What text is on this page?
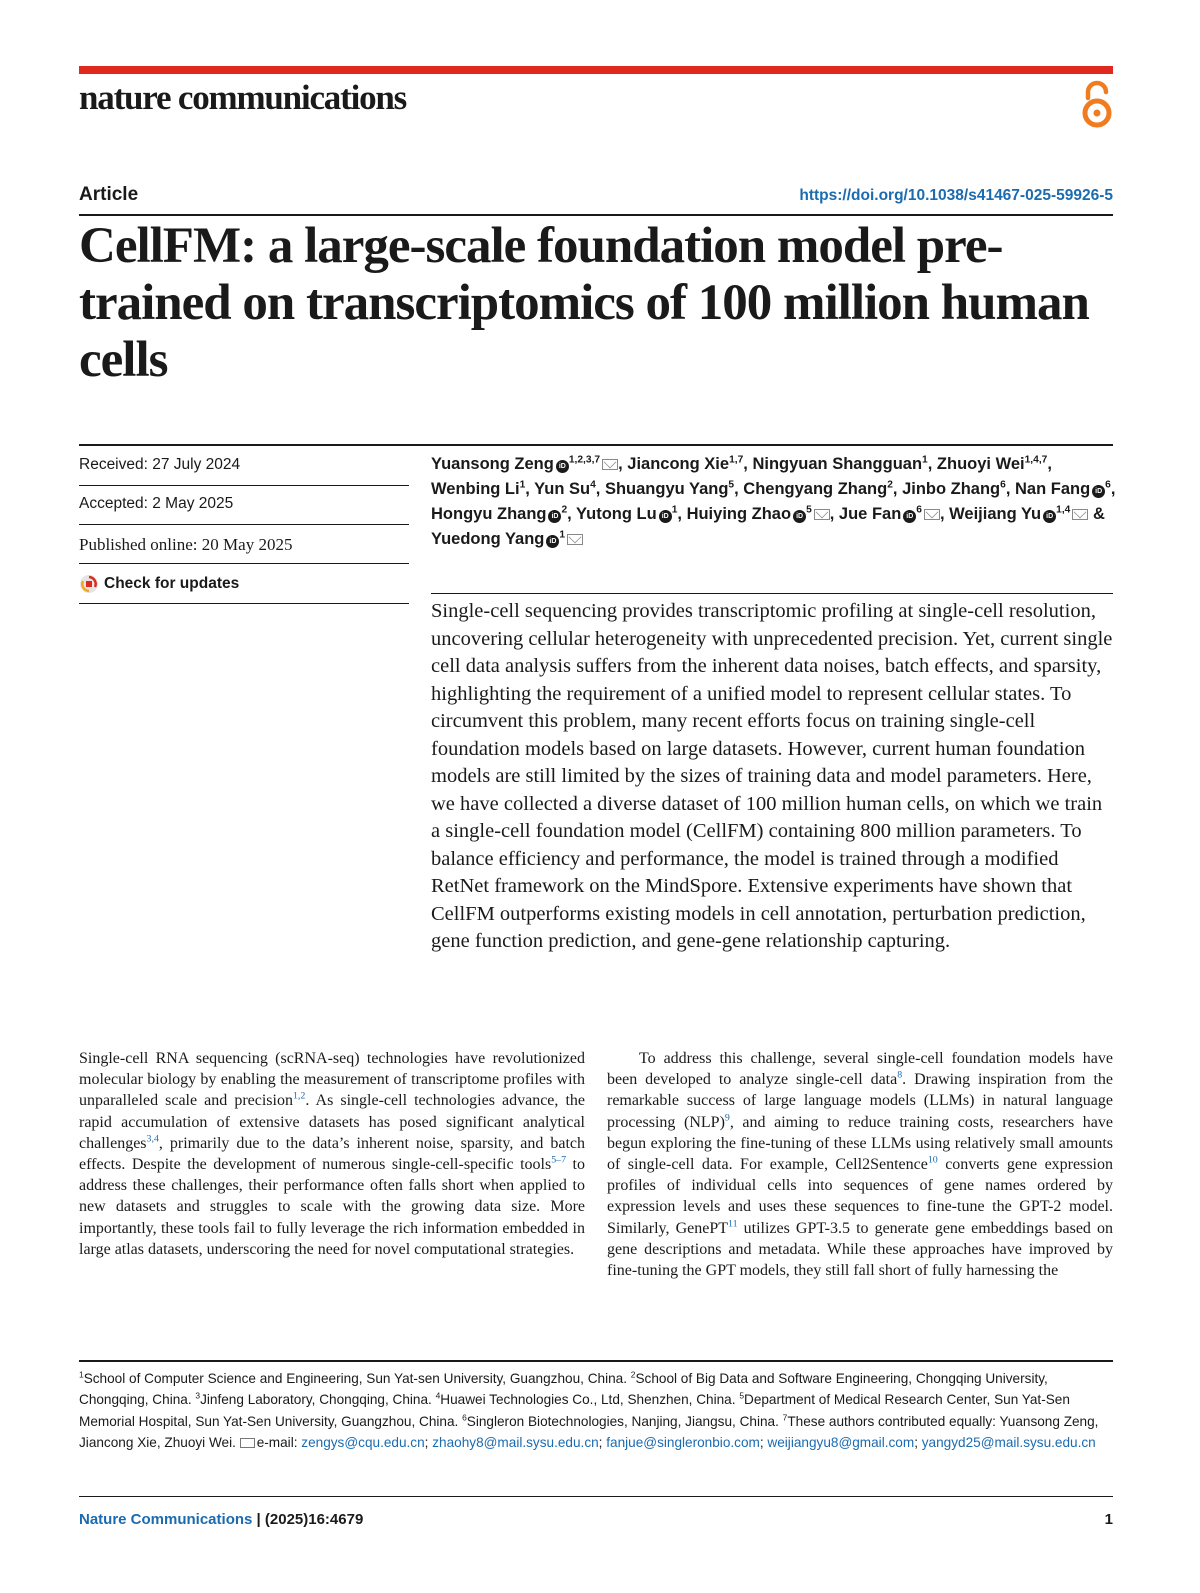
nature communications
Article	https://doi.org/10.1038/s41467-025-59926-5
CellFM: a large-scale foundation model pre-trained on transcriptomics of 100 million human cells
Received: 27 July 2024
Accepted: 2 May 2025
Published online: 20 May 2025
Check for updates
Yuansong Zeng iD$^{1,2,3,7}$ , Jiancong Xie$^{1,7}$, Ningyuan Shangguan$^1$, Zhuoyi Wei$^{1,4,7}$, Wenbing Li$^1$, Yun Su$^4$, Shuangyu Yang$^5$, Chengyang Zhang$^2$, Jinbo Zhang$^6$, Nan Fang $iD^6$, Hongyu Zhang $iD^2$, Yutong Lu $iD^1$, Huiying Zhao $iD^5$ , Jue Fan $iD^6$ , Weijiang Yu iD$^{1,4}$ & Yuedong Yang $iD^1$

Single-cell sequencing provides transcriptomic profiling at single-cell resolution, uncovering cellular heterogeneity with unprecedented precision. Yet, current single cell data analysis suffers from the inherent data noises, batch effects, and sparsity, highlighting the requirement of a unified model to represent cellular states. To circumvent this problem, many recent efforts focus on training single-cell foundation models based on large datasets. However, current human foundation models are still limited by the sizes of training data and model parameters. Here, we have collected a diverse dataset of 100 million human cells, on which we train a single-cell foundation model (CellFM) containing 800 million parameters. To balance efficiency and performance, the model is trained through a modified RetNet framework on the MindSpore. Extensive experiments have shown that CellFM outperforms existing models in cell annotation, perturbation prediction, gene function prediction, and gene-gene relationship capturing.

Single-cell RNA sequencing (scRNA-seq) technologies have revolutionized molecular biology by enabling the measurement of transcriptome profiles with unparalleled scale and precision$^{1,2}$. As single-cell technologies advance, the rapid accumulation of extensive datasets has posed significant analytical challenges$^{3,4}$, primarily due to the data’s inherent noise, sparsity, and batch effects. Despite the development of numerous single-cell-specific tools$^{5-7}$ to address these challenges, their performance often falls short when applied to new datasets and struggles to scale with the growing data size. More importantly, these tools fail to fully leverage the rich information embedded in large atlas datasets, underscoring the need for novel computational strategies.
To address this challenge, several single-cell foundation models have been developed to analyze single-cell data$^8$. Drawing inspiration from the remarkable success of large language models (LLMs) in natural language processing (NLP)$^9$, and aiming to reduce training costs, researchers have begun exploring the fine-tuning of these LLMs using relatively small amounts of single-cell data. For example, Cell2Sentence$^{10}$ converts gene expression profiles of individual cells into sequences of gene names ordered by expression levels and uses these sequences to fine-tune the GPT-2 model. Similarly, GenePT$^{11}$ utilizes GPT-3.5 to generate gene embeddings based on gene descriptions and metadata. While these approaches have improved by fine-tuning the GPT models, they still fall short of fully harnessing the
$^1$School of Computer Science and Engineering, Sun Yat-sen University, Guangzhou, China. $^2$School of Big Data and Software Engineering, Chongqing University, Chongqing, China. $^3$Jinfeng Laboratory, Chongqing, China. $^4$Huawei Technologies Co., Ltd, Shenzhen, China. $^5$Department of Medical Research Center, Sun Yat-Sen Memorial Hospital, Sun Yat-Sen University, Guangzhou, China. $^6$Singleron Biotechnologies, Nanjing, Jiangsu, China. $^7$These authors contributed equally: Yuansong Zeng, Jiancong Xie, Zhuoyi Wei. e-mail: zengys@cqu.edu.cn; zhaohy8@mail.sysu.edu.cn; fanjue@singleronbio.com; weijiangyu8@gmail.com; yangyd25@mail.sysu.edu.cn
Nature Communications | (2025)16:4679	1
